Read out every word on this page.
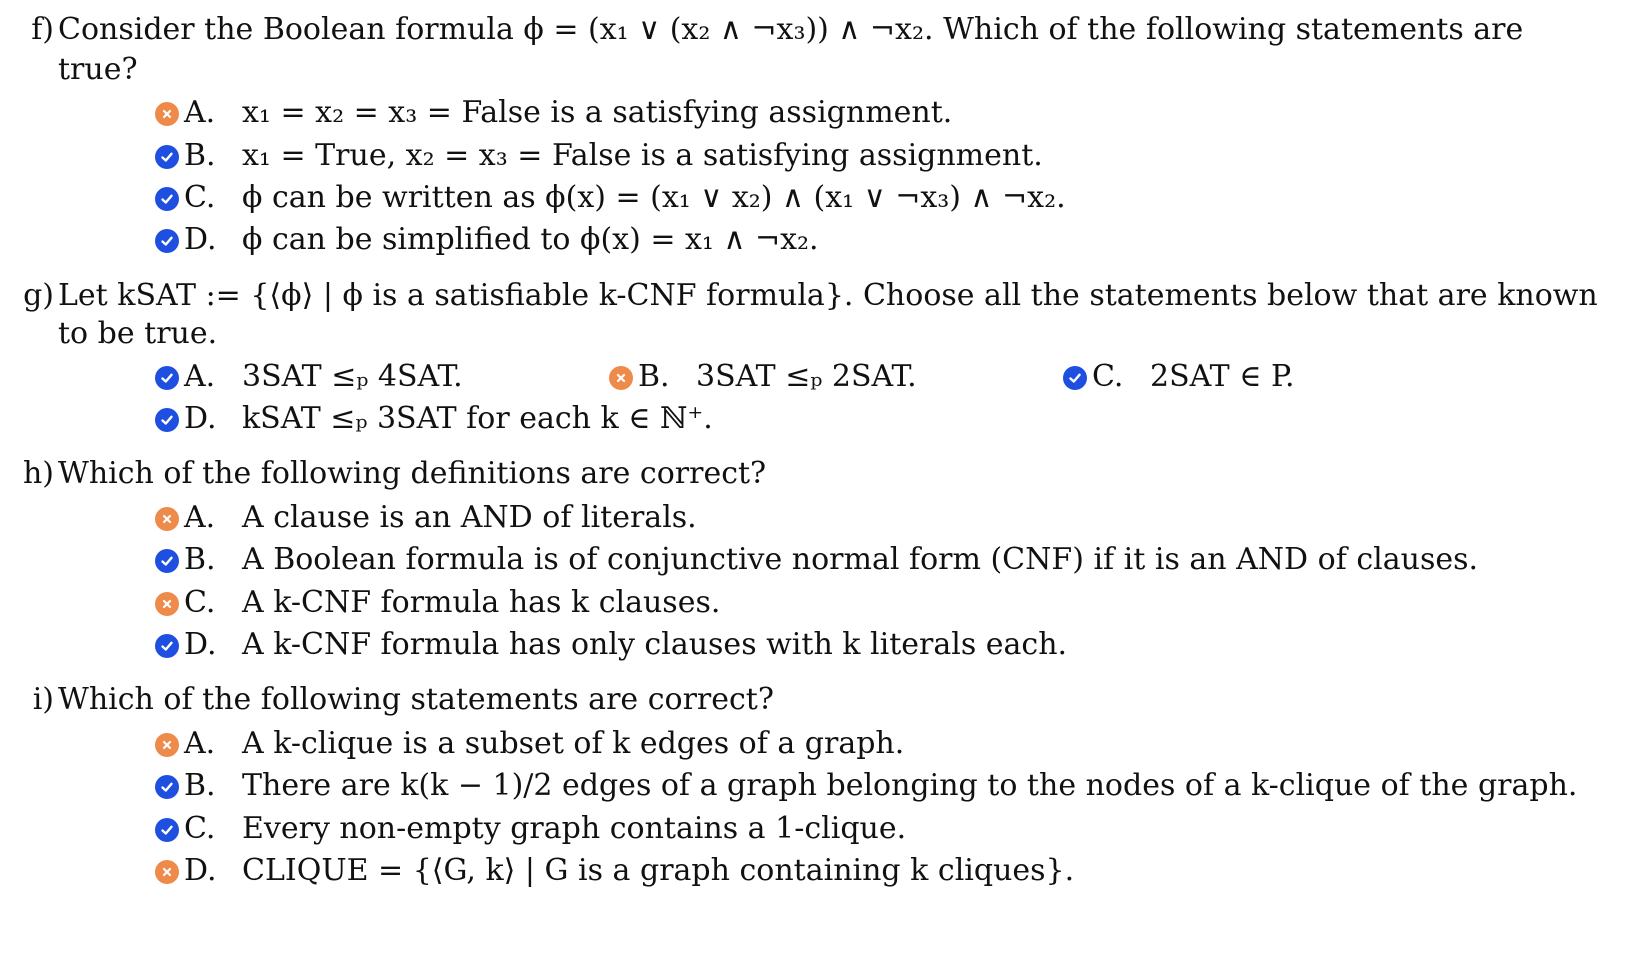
f) Consider the Boolean formula ϕ = (x₁ ∨ (x₂ ∧ ¬x₃)) ∧ ¬x₂. Which of the following statements are
true?
A. x₁ = x₂ = x₃ = False is a satisfying assignment.
B. x₁ = True, x₂ = x₃ = False is a satisfying assignment.
C. ϕ can be written as ϕ(x) = (x₁ ∨ x₂) ∧ (x₁ ∨ ¬x₃) ∧ ¬x₂.
D. ϕ can be simplified to ϕ(x) = x₁ ∧ ¬x₂.
g) Let kSAT := {⟨ϕ⟩ | ϕ is a satisfiable k-CNF formula}. Choose all the statements below that are known
to be true.
A. 3SAT ≤ₚ 4SAT.	B. 3SAT ≤ₚ 2SAT.	C. 2SAT ∈ P.
D. kSAT ≤ₚ 3SAT for each k ∈ ℕ⁺.
h) Which of the following definitions are correct?
A. A clause is an AND of literals.
B. A Boolean formula is of conjunctive normal form (CNF) if it is an AND of clauses.
C. A k-CNF formula has k clauses.
D. A k-CNF formula has only clauses with k literals each.
i) Which of the following statements are correct?
A. A k-clique is a subset of k edges of a graph.
B. There are k(k − 1)/2 edges of a graph belonging to the nodes of a k-clique of the graph.
C. Every non-empty graph contains a 1-clique.
D. CLIQUE = {⟨G, k⟩ | G is a graph containing k cliques}.
